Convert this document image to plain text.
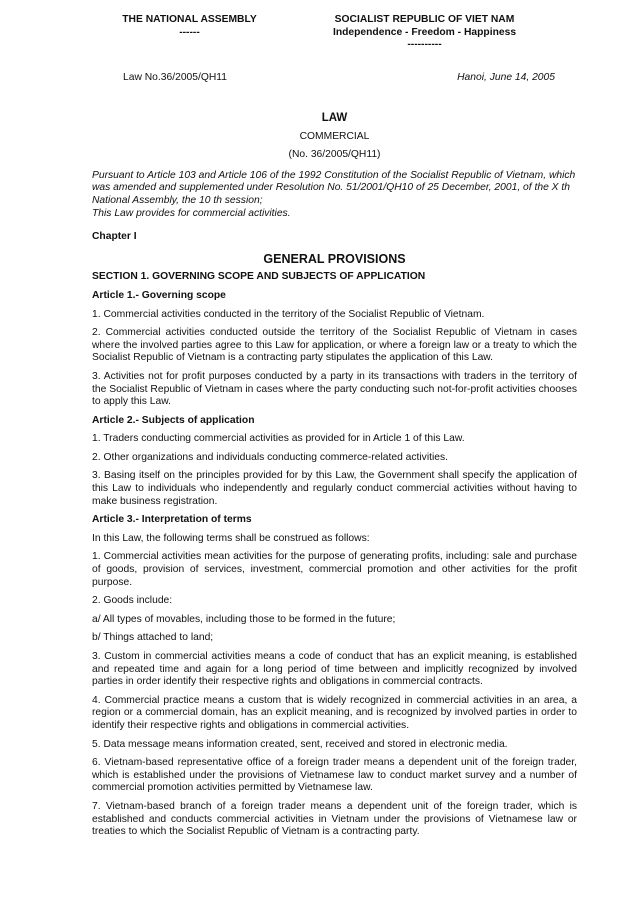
THE NATIONAL ASSEMBLY
------
SOCIALIST REPUBLIC OF VIET NAM
Independence - Freedom - Happiness
----------
Law No.36/2005/QH11	Hanoi, June 14, 2005
LAW
COMMERCIAL
(No. 36/2005/QH11)
Pursuant to Article 103 and Article 106 of the 1992 Constitution of the Socialist Republic of Vietnam, which was amended and supplemented under Resolution No. 51/2001/QH10 of 25 December, 2001, of the X th National Assembly, the 10 th session;
This Law provides for commercial activities.
Chapter I
GENERAL PROVISIONS
SECTION 1. GOVERNING SCOPE AND SUBJECTS OF APPLICATION
Article 1.- Governing scope
1. Commercial activities conducted in the territory of the Socialist Republic of Vietnam.
2. Commercial activities conducted outside the territory of the Socialist Republic of Vietnam in cases where the involved parties agree to this Law for application, or where a foreign law or a treaty to which the Socialist Republic of Vietnam is a contracting party stipulates the application of this Law.
3. Activities not for profit purposes conducted by a party in its transactions with traders in the territory of the Socialist Republic of Vietnam in cases where the party conducting such not-for-profit activities chooses to apply this Law.
Article 2.- Subjects of application
1. Traders conducting commercial activities as provided for in Article 1 of this Law.
2. Other organizations and individuals conducting commerce-related activities.
3. Basing itself on the principles provided for by this Law, the Government shall specify the application of this Law to individuals who independently and regularly conduct commercial activities without having to make business registration.
Article 3.- Interpretation of terms
In this Law, the following terms shall be construed as follows:
1. Commercial activities mean activities for the purpose of generating profits, including: sale and purchase of goods, provision of services, investment, commercial promotion and other activities for the profit purpose.
2. Goods include:
a/ All types of movables, including those to be formed in the future;
b/ Things attached to land;
3. Custom in commercial activities means a code of conduct that has an explicit meaning, is established and repeated time and again for a long period of time between and implicitly recognized by involved parties in order identify their respective rights and obligations in commercial contracts.
4. Commercial practice means a custom that is widely recognized in commercial activities in an area, a region or a commercial domain, has an explicit meaning, and is recognized by involved parties in order to identify their respective rights and obligations in commercial activities.
5. Data message means information created, sent, received and stored in electronic media.
6. Vietnam-based representative office of a foreign trader means a dependent unit of the foreign trader, which is established under the provisions of Vietnamese law to conduct market survey and a number of commercial promotion activities permitted by Vietnamese law.
7. Vietnam-based branch of a foreign trader means a dependent unit of the foreign trader, which is established and conducts commercial activities in Vietnam under the provisions of Vietnamese law or treaties to which the Socialist Republic of Vietnam is a contracting party.
